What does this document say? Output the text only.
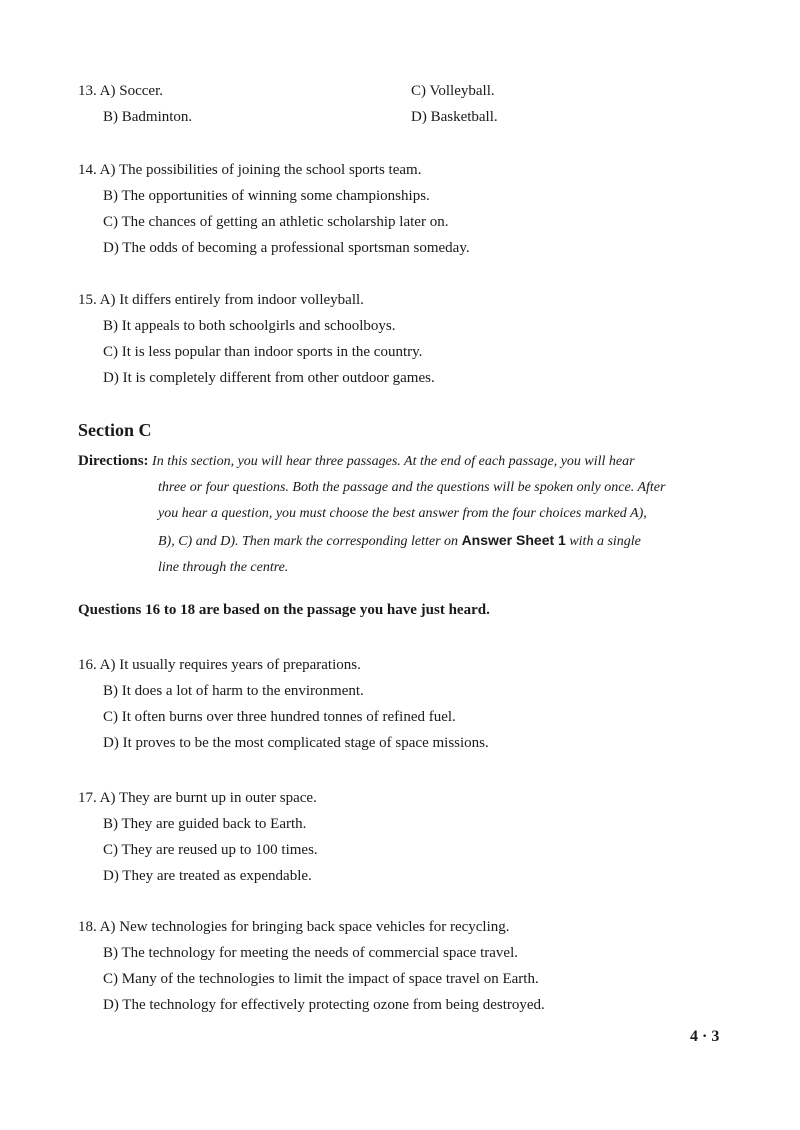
13. A) Soccer.	C) Volleyball.
B) Badminton.	D) Basketball.
14. A) The possibilities of joining the school sports team.
B) The opportunities of winning some championships.
C) The chances of getting an athletic scholarship later on.
D) The odds of becoming a professional sportsman someday.
15. A) It differs entirely from indoor volleyball.
B) It appeals to both schoolgirls and schoolboys.
C) It is less popular than indoor sports in the country.
D) It is completely different from other outdoor games.
Section C
Directions: In this section, you will hear three passages. At the end of each passage, you will hear
three or four questions. Both the passage and the questions will be spoken only once. After
you hear a question, you must choose the best answer from the four choices marked A),
B), C) and D). Then mark the corresponding letter on Answer Sheet 1 with a single
line through the centre.
Questions 16 to 18 are based on the passage you have just heard.
16. A) It usually requires years of preparations.
B) It does a lot of harm to the environment.
C) It often burns over three hundred tonnes of refined fuel.
D) It proves to be the most complicated stage of space missions.
17. A) They are burnt up in outer space.
B) They are guided back to Earth.
C) They are reused up to 100 times.
D) They are treated as expendable.
18. A) New technologies for bringing back space vehicles for recycling.
B) The technology for meeting the needs of commercial space travel.
C) Many of the technologies to limit the impact of space travel on Earth.
D) The technology for effectively protecting ozone from being destroyed.
4 · 3
